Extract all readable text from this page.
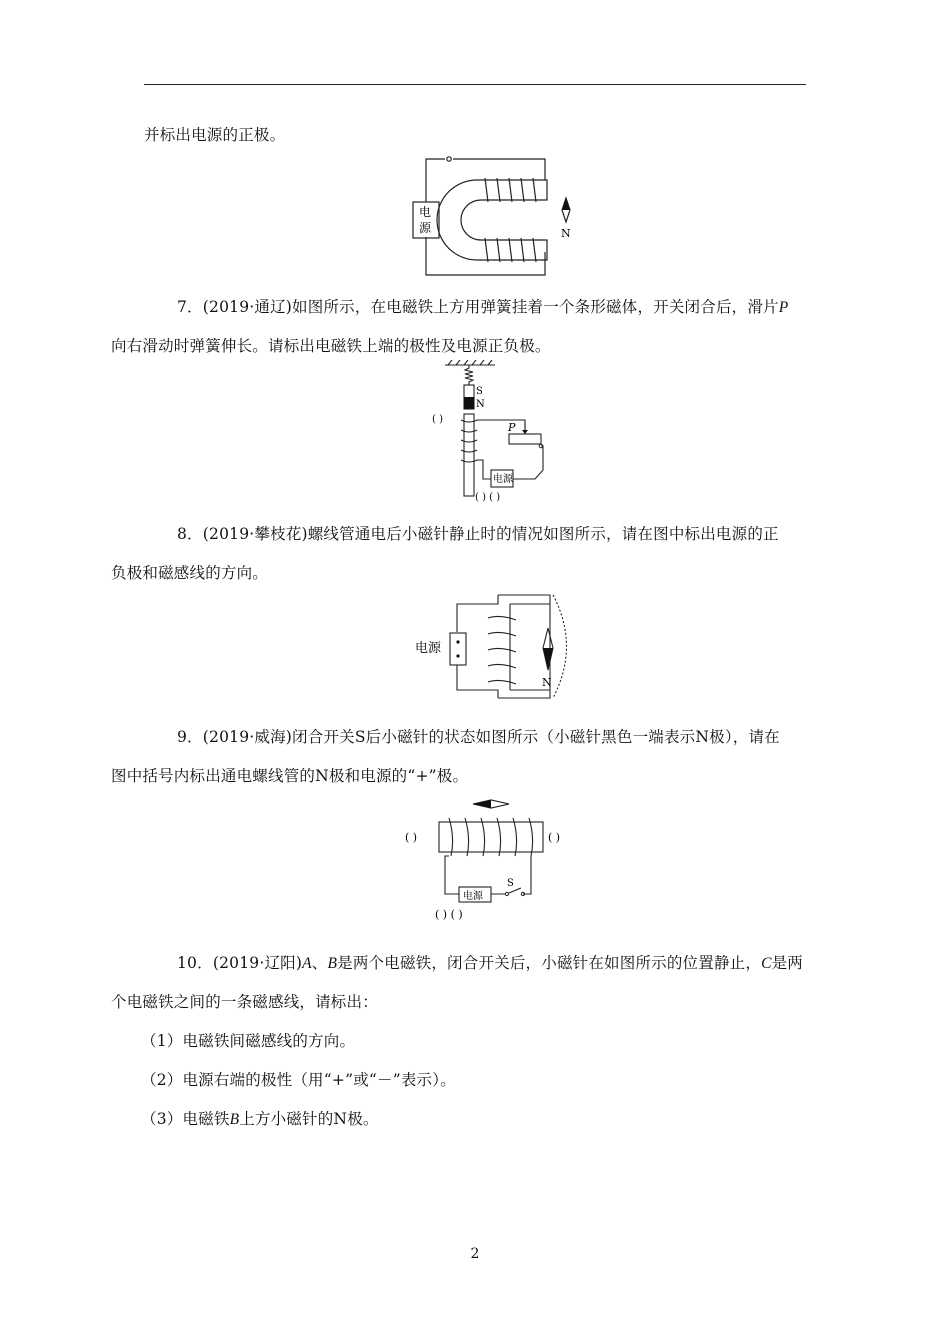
并标出电源的正极。

电
源	N

7．(2019·通辽)如图所示，在电磁铁上方用弹簧挂着一个条形磁体，开关闭合后，滑片P
向右滑动时弹簧伸长。请标出电磁铁上端的极性及电源正负极。

S
N
P
电源
( )
( ) ( )

8．(2019·攀枝花)螺线管通电后小磁针静止时的情况如图所示，请在图中标出电源的正
负极和磁感线的方向。

电源
N

9．(2019·威海)闭合开关S后小磁针的状态如图所示（小磁针黑色一端表示N极），请在
图中括号内标出通电螺线管的N极和电源的“+”极。

电源
S
( )	( )
( ) ( )

10．(2019·辽阳)A、B是两个电磁铁，闭合开关后，小磁针在如图所示的位置静止，C是两
个电磁铁之间的一条磁感线，请标出：
（1）电磁铁间磁感线的方向。
（2）电源右端的极性（用“+”或“－”表示）。
（3）电磁铁B上方小磁针的N极。

2
